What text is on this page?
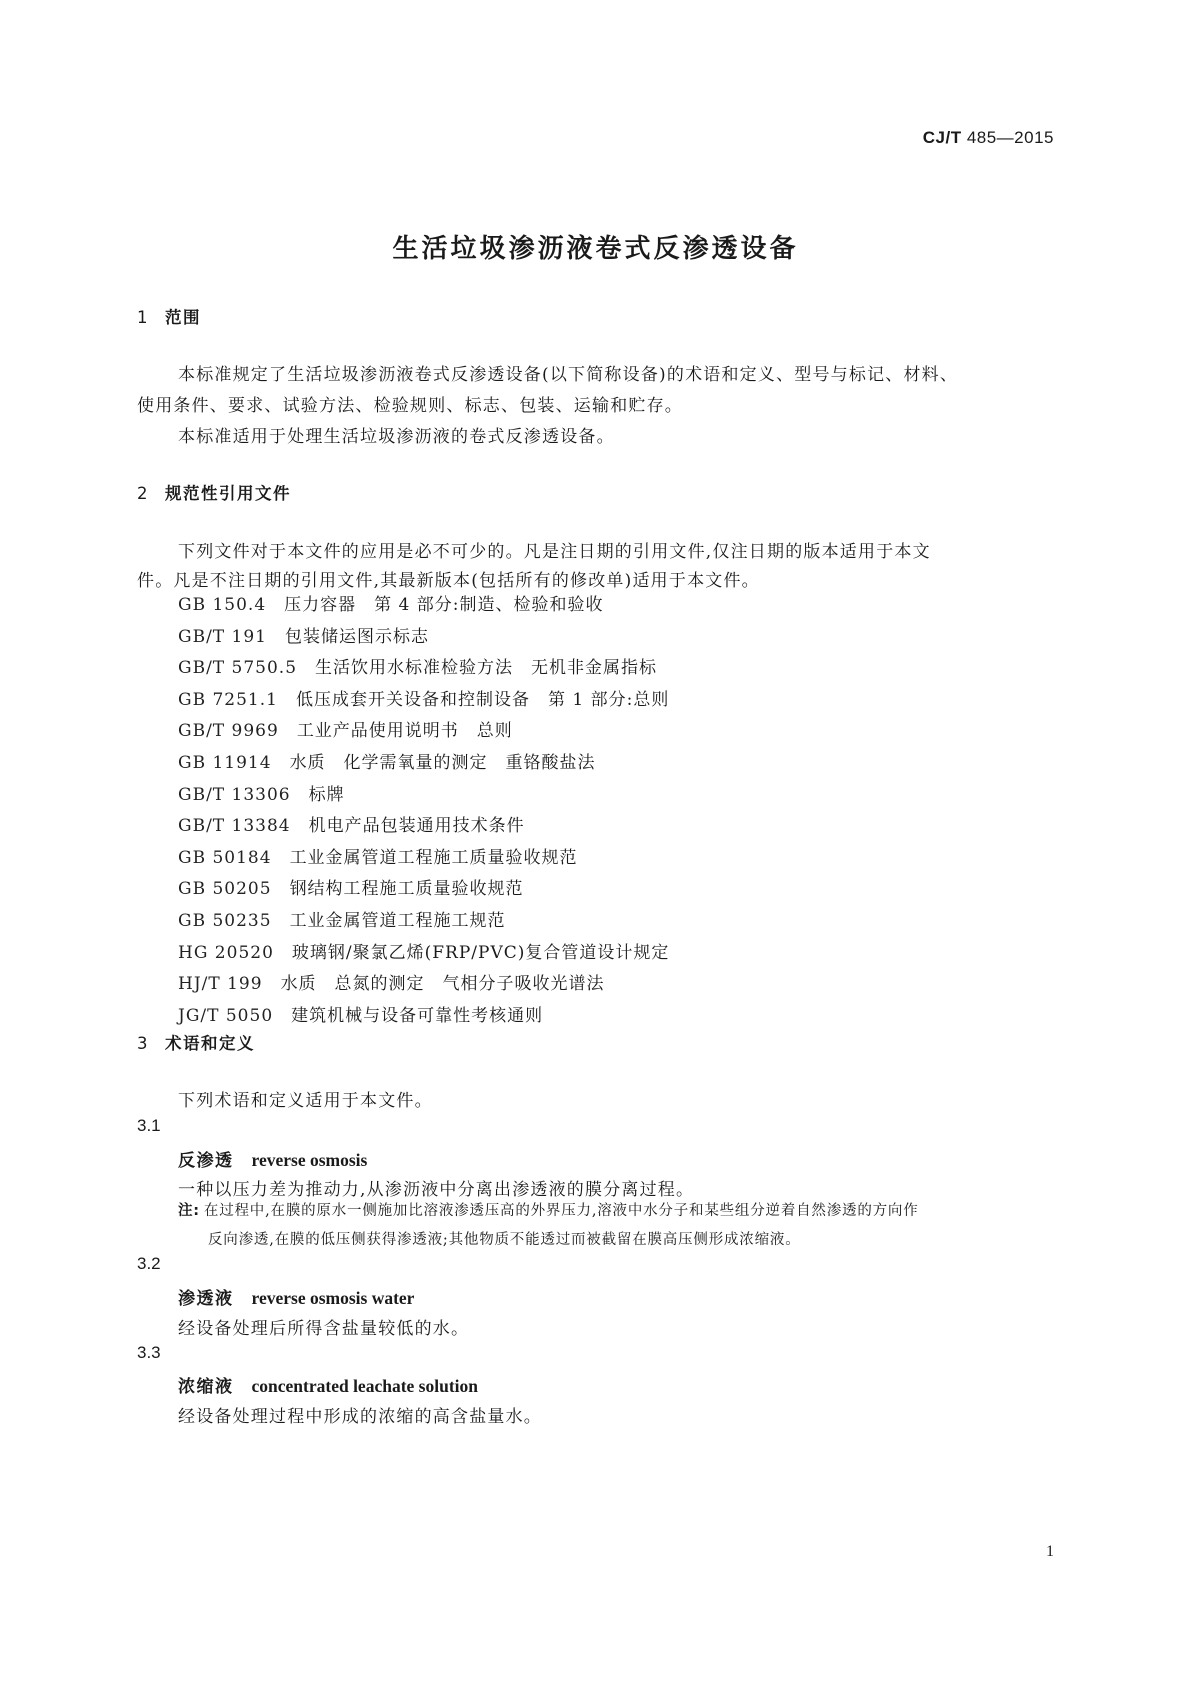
CJ/T 485—2015
生活垃圾渗沥液卷式反渗透设备
1 范围
本标准规定了生活垃圾渗沥液卷式反渗透设备(以下简称设备)的术语和定义、型号与标记、材料、
使用条件、要求、试验方法、检验规则、标志、包装、运输和贮存。
本标准适用于处理生活垃圾渗沥液的卷式反渗透设备。
2 规范性引用文件
下列文件对于本文件的应用是必不可少的。凡是注日期的引用文件,仅注日期的版本适用于本文
件。凡是不注日期的引用文件,其最新版本(包括所有的修改单)适用于本文件。
GB 150.4 压力容器　第 4 部分:制造、检验和验收
GB/T 191 包装储运图示标志
GB/T 5750.5 生活饮用水标准检验方法　无机非金属指标
GB 7251.1 低压成套开关设备和控制设备　第 1 部分:总则
GB/T 9969 工业产品使用说明书　总则
GB 11914 水质　化学需氧量的测定　重铬酸盐法
GB/T 13306 标牌
GB/T 13384 机电产品包装通用技术条件
GB 50184 工业金属管道工程施工质量验收规范
GB 50205 钢结构工程施工质量验收规范
GB 50235 工业金属管道工程施工规范
HG 20520 玻璃钢/聚氯乙烯(FRP/PVC)复合管道设计规定
HJ/T 199 水质　总氮的测定　气相分子吸收光谱法
JG/T 5050 建筑机械与设备可靠性考核通则
3 术语和定义
下列术语和定义适用于本文件。
3.1
反渗透 reverse osmosis
一种以压力差为推动力,从渗沥液中分离出渗透液的膜分离过程。
注: 在过程中,在膜的原水一侧施加比溶液渗透压高的外界压力,溶液中水分子和某些组分逆着自然渗透的方向作
反向渗透,在膜的低压侧获得渗透液;其他物质不能透过而被截留在膜高压侧形成浓缩液。
3.2
渗透液 reverse osmosis water
经设备处理后所得含盐量较低的水。
3.3
浓缩液 concentrated leachate solution
经设备处理过程中形成的浓缩的高含盐量水。
1
